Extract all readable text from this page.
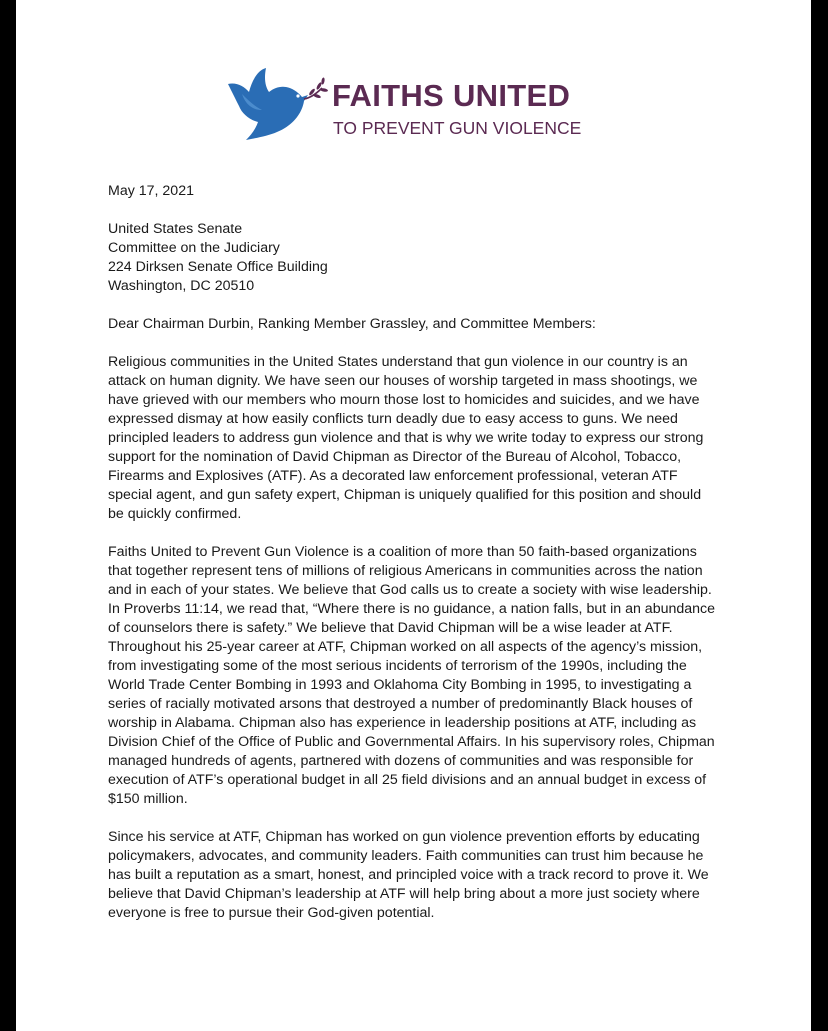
FAITHS UNITED
TO PREVENT GUN VIOLENCE

May 17, 2021

United States Senate
Committee on the Judiciary
224 Dirksen Senate Office Building
Washington, DC 20510

Dear Chairman Durbin, Ranking Member Grassley, and Committee Members:

Religious communities in the United States understand that gun violence in our country is an attack on human dignity. We have seen our houses of worship targeted in mass shootings, we have grieved with our members who mourn those lost to homicides and suicides, and we have expressed dismay at how easily conflicts turn deadly due to easy access to guns. We need principled leaders to address gun violence and that is why we write today to express our strong support for the nomination of David Chipman as Director of the Bureau of Alcohol, Tobacco, Firearms and Explosives (ATF). As a decorated law enforcement professional, veteran ATF special agent, and gun safety expert, Chipman is uniquely qualified for this position and should be quickly confirmed.

Faiths United to Prevent Gun Violence is a coalition of more than 50 faith-based organizations that together represent tens of millions of religious Americans in communities across the nation and in each of your states. We believe that God calls us to create a society with wise leadership. In Proverbs 11:14, we read that, “Where there is no guidance, a nation falls, but in an abundance of counselors there is safety.” We believe that David Chipman will be a wise leader at ATF. Throughout his 25-year career at ATF, Chipman worked on all aspects of the agency’s mission, from investigating some of the most serious incidents of terrorism of the 1990s, including the World Trade Center Bombing in 1993 and Oklahoma City Bombing in 1995, to investigating a series of racially motivated arsons that destroyed a number of predominantly Black houses of worship in Alabama. Chipman also has experience in leadership positions at ATF, including as Division Chief of the Office of Public and Governmental Affairs. In his supervisory roles, Chipman managed hundreds of agents, partnered with dozens of communities and was responsible for execution of ATF’s operational budget in all 25 field divisions and an annual budget in excess of $150 million.

Since his service at ATF, Chipman has worked on gun violence prevention efforts by educating policymakers, advocates, and community leaders. Faith communities can trust him because he has built a reputation as a smart, honest, and principled voice with a track record to prove it. We believe that David Chipman’s leadership at ATF will help bring about a more just society where everyone is free to pursue their God-given potential.
